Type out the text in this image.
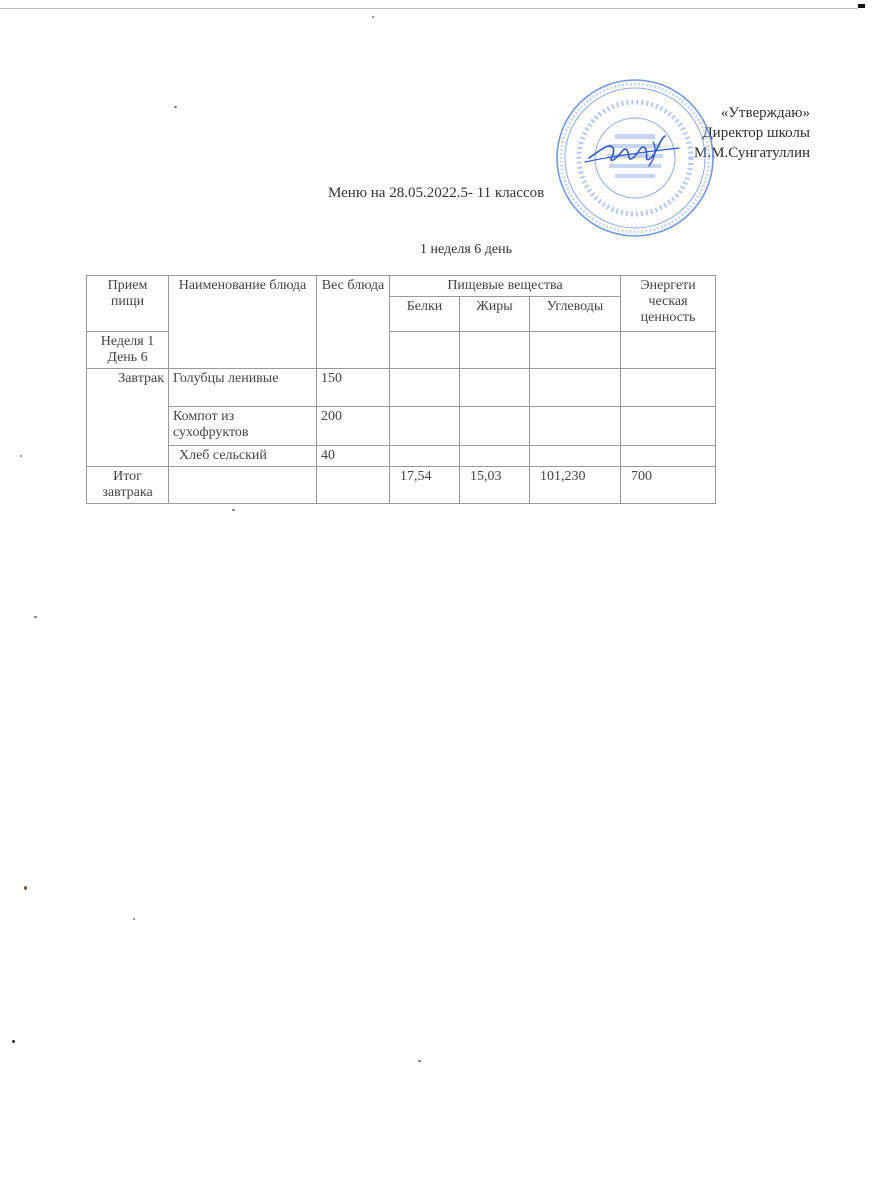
«Утверждаю»
Директор школы
М.М.Сунгатуллин
Меню на 28.05.2022.5- 11 классов
1 неделя 6 день
Прием пищи	Наименование блюда	Вес блюда	Пищевые вещества			Энергети ческая ценность
			Белки	Жиры	Углеводы	
Неделя 1 День 6						
Завтрак	Голубцы ленивые	150				
	Компот из сухофруктов	200				
	Хлеб сельский	40				
Итог завтрака			17,54	15,03	101,230	700
